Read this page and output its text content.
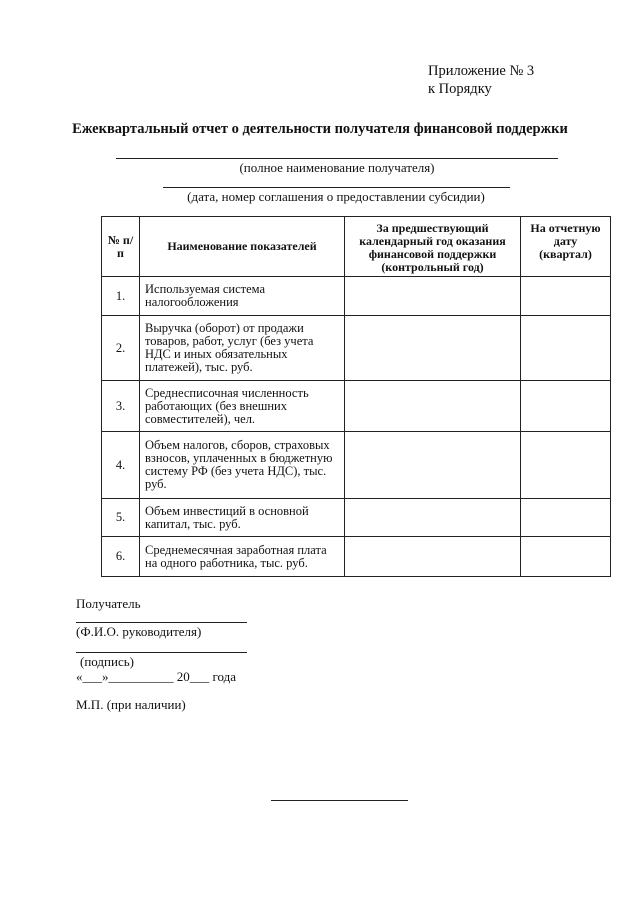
Приложение № 3
к Порядку
Ежеквартальный отчет о деятельности получателя финансовой поддержки
(полное наименование получателя)
(дата, номер соглашения о предоставлении субсидии)
№ п/п	Наименование показателей	За предшествующий календарный год оказания финансовой поддержки (контрольный год)	На отчетную дату (квартал)
1.	Используемая система налогообложения		
2.	Выручка (оборот) от продажи товаров, работ, услуг (без учета НДС и иных обязательных платежей), тыс. руб.		
3.	Среднесписочная численность работающих (без внешних совместителей), чел.		
4.	Объем налогов, сборов, страховых взносов, уплаченных в бюджетную систему РФ (без учета НДС), тыс. руб.		
5.	Объем инвестиций в основной капитал, тыс. руб.		
6.	Среднемесячная заработная плата на одного работника, тыс. руб.		
Получатель
(Ф.И.О. руководителя)
(подпись)
«___»__________ 20___ года
М.П. (при наличии)
